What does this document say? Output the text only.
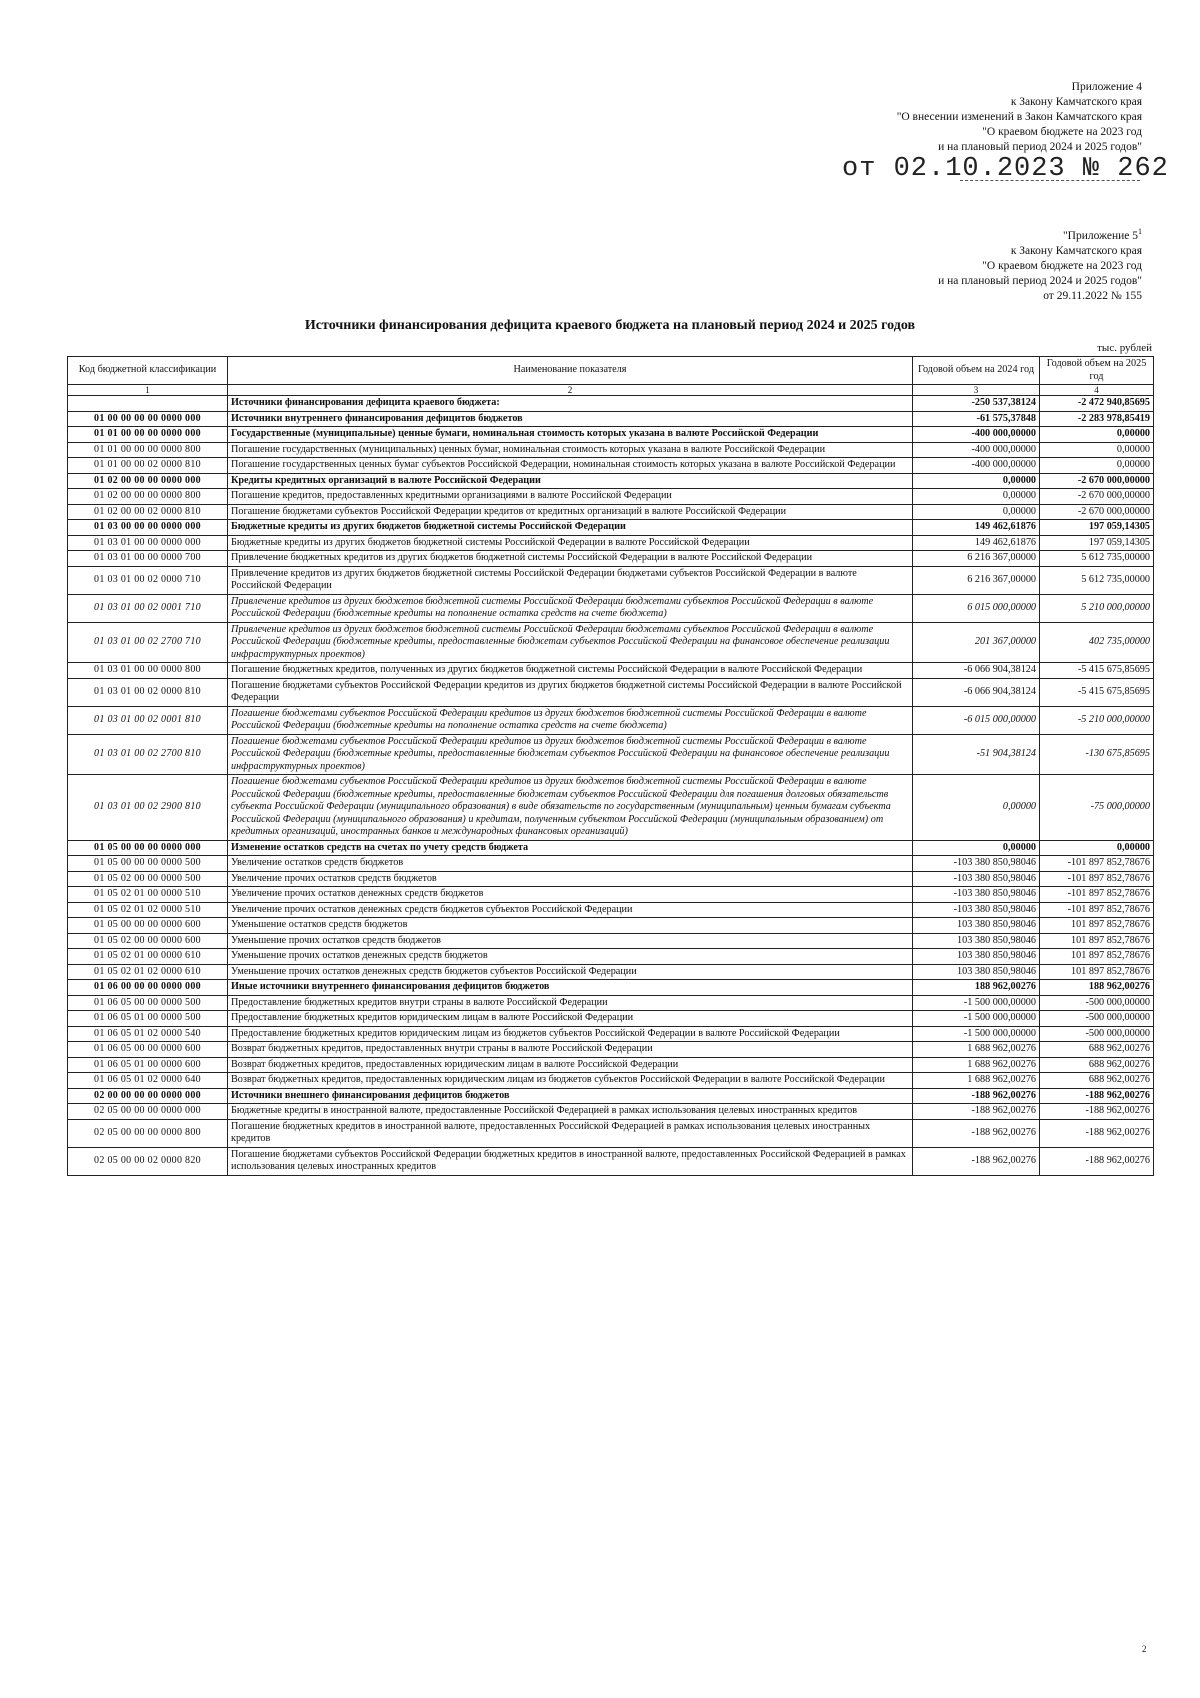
Приложение 4
к Закону Камчатского края
"О внесении изменений в Закон Камчатского края
"О краевом бюджете на 2023 год
и на плановый период 2024 и 2025 годов"
от 02.10.2023 № 262
"Приложение $5^1$
к Закону Камчатского края
"О краевом бюджете на 2023 год
и на плановый период 2024 и 2025 годов"
от 29.11.2022 № 155
Источники финансирования дефицита краевого бюджета на плановый период 2024 и 2025 годов
тыс. рублей
Код бюджетной классификации	Наименование показателя	Годовой объем на 2024 год	Годовой объем на 2025 год
1	2	3	4
	Источники финансирования дефицита краевого бюджета:	-250 537,38124	-2 472 940,85695
01 00 00 00 00 0000 000	Источники внутреннего финансирования дефицитов бюджетов	-61 575,37848	-2 283 978,85419
01 01 00 00 00 0000 000	Государственные (муниципальные) ценные бумаги, номинальная стоимость которых указана в валюте Российской Федерации	-400 000,00000	0,00000
01 01 00 00 00 0000 800	Погашение государственных (муниципальных) ценных бумаг, номинальная стоимость которых указана в валюте Российской Федерации	-400 000,00000	0,00000
01 01 00 00 02 0000 810	Погашение государственных ценных бумаг субъектов Российской Федерации, номинальная стоимость которых указана в валюте Российской Федерации	-400 000,00000	0,00000
01 02 00 00 00 0000 000	Кредиты кредитных организаций в валюте Российской Федерации	0,00000	-2 670 000,00000
01 02 00 00 00 0000 800	Погашение кредитов, предоставленных кредитными организациями в валюте Российской Федерации	0,00000	-2 670 000,00000
01 02 00 00 02 0000 810	Погашение бюджетами субъектов Российской Федерации кредитов от кредитных организаций в валюте Российской Федерации	0,00000	-2 670 000,00000
01 03 00 00 00 0000 000	Бюджетные кредиты из других бюджетов бюджетной системы Российской Федерации	149 462,61876	197 059,14305
01 03 01 00 00 0000 000	Бюджетные кредиты из других бюджетов бюджетной системы Российской Федерации в валюте Российской Федерации	149 462,61876	197 059,14305
01 03 01 00 00 0000 700	Привлечение бюджетных кредитов из других бюджетов бюджетной системы Российской Федерации в валюте Российской Федерации	6 216 367,00000	5 612 735,00000
01 03 01 00 02 0000 710	Привлечение кредитов из других бюджетов бюджетной системы Российской Федерации бюджетами субъектов Российской Федерации в валюте Российской Федерации	6 216 367,00000	5 612 735,00000
01 03 01 00 02 0001 710	Привлечение кредитов из других бюджетов бюджетной системы Российской Федерации бюджетами субъектов Российской Федерации в валюте Российской Федерации (бюджетные кредиты на пополнение остатка средств на счете бюджета)	6 015 000,00000	5 210 000,00000
01 03 01 00 02 2700 710	Привлечение кредитов из других бюджетов бюджетной системы Российской Федерации бюджетами субъектов Российской Федерации в валюте Российской Федерации (бюджетные кредиты, предоставленные бюджетам субъектов Российской Федерации на финансовое обеспечение реализации инфраструктурных проектов)	201 367,00000	402 735,00000
01 03 01 00 00 0000 800	Погашение бюджетных кредитов, полученных из других бюджетов бюджетной системы Российской Федерации в валюте Российской Федерации	-6 066 904,38124	-5 415 675,85695
01 03 01 00 02 0000 810	Погашение бюджетами субъектов Российской Федерации кредитов из других бюджетов бюджетной системы Российской Федерации в валюте Российской Федерации	-6 066 904,38124	-5 415 675,85695
01 03 01 00 02 0001 810	Погашение бюджетами субъектов Российской Федерации кредитов из других бюджетов бюджетной системы Российской Федерации в валюте Российской Федерации (бюджетные кредиты на пополнение остатка средств на счете бюджета)	-6 015 000,00000	-5 210 000,00000
01 03 01 00 02 2700 810	Погашение бюджетами субъектов Российской Федерации кредитов из других бюджетов бюджетной системы Российской Федерации в валюте Российской Федерации (бюджетные кредиты, предоставленные бюджетам субъектов Российской Федерации на финансовое обеспечение реализации инфраструктурных проектов)	-51 904,38124	-130 675,85695
01 03 01 00 02 2900 810	Погашение бюджетами субъектов Российской Федерации кредитов из других бюджетов бюджетной системы Российской Федерации в валюте Российской Федерации (бюджетные кредиты, предоставленные бюджетам субъектов Российской Федерации для погашения долговых обязательств субъекта Российской Федерации (муниципального образования) в виде обязательств по государственным (муниципальным) ценным бумагам субъекта Российской Федерации (муниципального образования) и кредитам, полученным субъектом Российской Федерации (муниципальным образованием) от кредитных организаций, иностранных банков и международных финансовых организаций)	0,00000	-75 000,00000
01 05 00 00 00 0000 000	Изменение остатков средств на счетах по учету средств бюджета	0,00000	0,00000
01 05 00 00 00 0000 500	Увеличение остатков средств бюджетов	-103 380 850,98046	-101 897 852,78676
01 05 02 00 00 0000 500	Увеличение прочих остатков средств бюджетов	-103 380 850,98046	-101 897 852,78676
01 05 02 01 00 0000 510	Увеличение прочих остатков денежных средств бюджетов	-103 380 850,98046	-101 897 852,78676
01 05 02 01 02 0000 510	Увеличение прочих остатков денежных средств бюджетов субъектов Российской Федерации	-103 380 850,98046	-101 897 852,78676
01 05 00 00 00 0000 600	Уменьшение остатков средств бюджетов	103 380 850,98046	101 897 852,78676
01 05 02 00 00 0000 600	Уменьшение прочих остатков средств бюджетов	103 380 850,98046	101 897 852,78676
01 05 02 01 00 0000 610	Уменьшение прочих остатков денежных средств бюджетов	103 380 850,98046	101 897 852,78676
01 05 02 01 02 0000 610	Уменьшение прочих остатков денежных средств бюджетов субъектов Российской Федерации	103 380 850,98046	101 897 852,78676
01 06 00 00 00 0000 000	Иные источники внутреннего финансирования дефицитов бюджетов	188 962,00276	188 962,00276
01 06 05 00 00 0000 500	Предоставление бюджетных кредитов внутри страны в валюте Российской Федерации	-1 500 000,00000	-500 000,00000
01 06 05 01 00 0000 500	Предоставление бюджетных кредитов юридическим лицам в валюте Российской Федерации	-1 500 000,00000	-500 000,00000
01 06 05 01 02 0000 540	Предоставление бюджетных кредитов юридическим лицам из бюджетов субъектов Российской Федерации в валюте Российской Федерации	-1 500 000,00000	-500 000,00000
01 06 05 00 00 0000 600	Возврат бюджетных кредитов, предоставленных внутри страны в валюте Российской Федерации	1 688 962,00276	688 962,00276
01 06 05 01 00 0000 600	Возврат бюджетных кредитов, предоставленных юридическим лицам в валюте Российской Федерации	1 688 962,00276	688 962,00276
01 06 05 01 02 0000 640	Возврат бюджетных кредитов, предоставленных юридическим лицам из бюджетов субъектов Российской Федерации в валюте Российской Федерации	1 688 962,00276	688 962,00276
02 00 00 00 00 0000 000	Источники внешнего финансирования дефицитов бюджетов	-188 962,00276	-188 962,00276
02 05 00 00 00 0000 000	Бюджетные кредиты в иностранной валюте, предоставленные Российской Федерацией в рамках использования целевых иностранных кредитов	-188 962,00276	-188 962,00276
02 05 00 00 00 0000 800	Погашение бюджетных кредитов в иностранной валюте, предоставленных Российской Федерацией в рамках использования целевых иностранных кредитов	-188 962,00276	-188 962,00276
02 05 00 00 02 0000 820	Погашение бюджетами субъектов Российской Федерации бюджетных кредитов в иностранной валюте, предоставленных Российской Федерацией в рамках использования целевых иностранных кредитов	-188 962,00276	-188 962,00276
2
